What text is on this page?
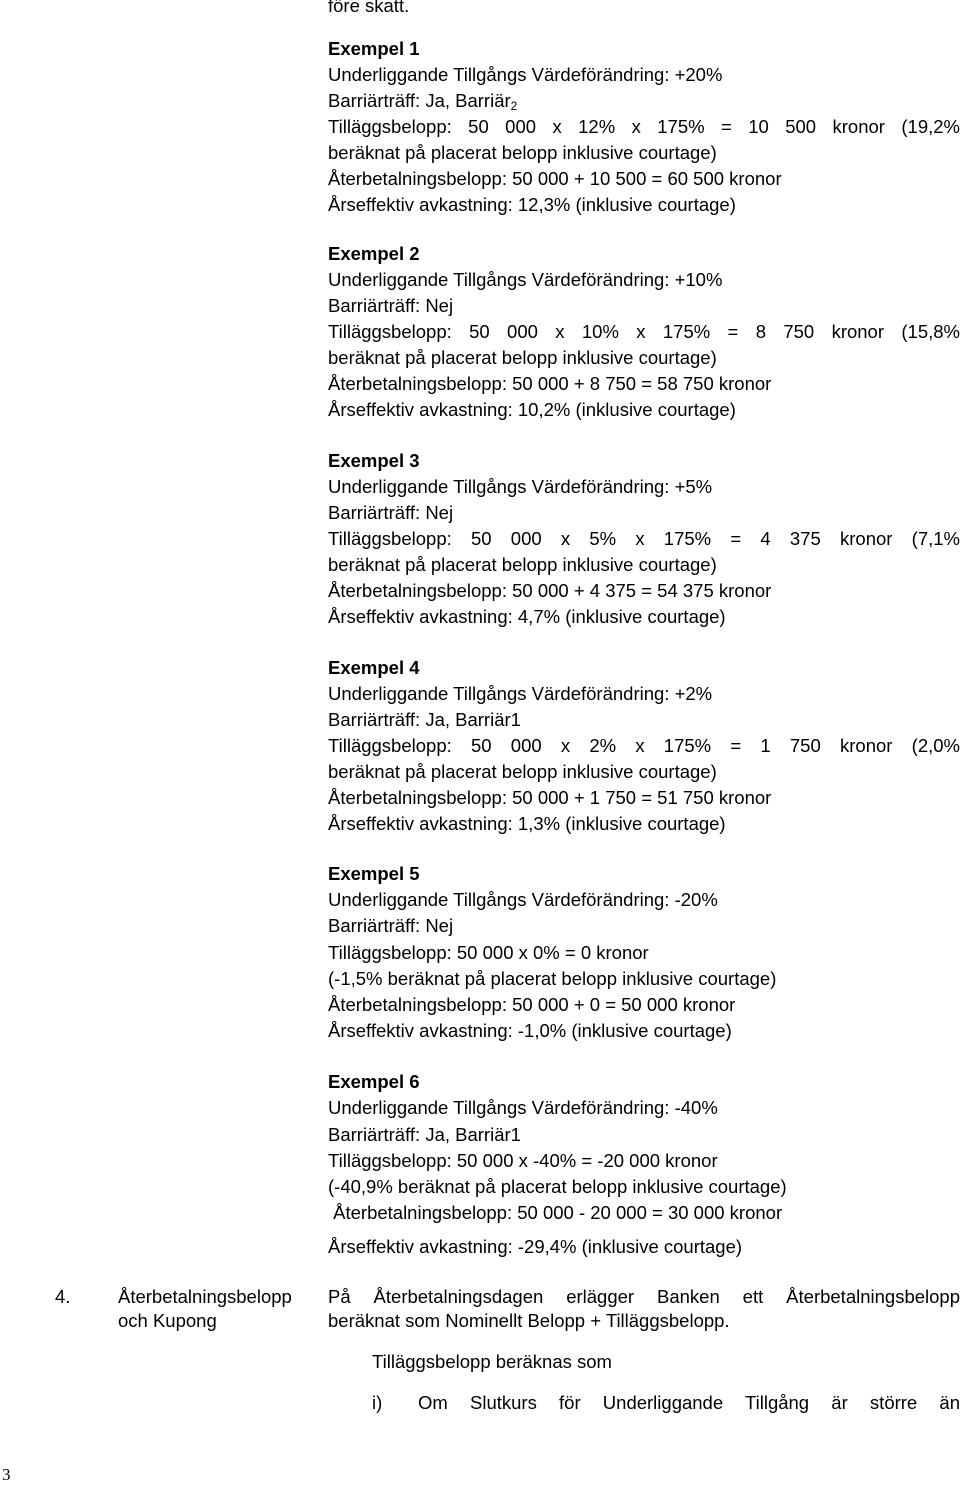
före skatt.
Exempel 1
Underliggande Tillgångs Värdeförändring: +20%
Barriärträff: Ja, Barriär$_2$
Tilläggsbelopp: 50 000 x 12% x 175% = 10 500 kronor (19,2%
beräknat på placerat belopp inklusive courtage)
Återbetalningsbelopp: 50 000 + 10 500 = 60 500 kronor
Årseffektiv avkastning: 12,3% (inklusive courtage)
Exempel 2
Underliggande Tillgångs Värdeförändring: +10%
Barriärträff: Nej
Tilläggsbelopp: 50 000 x 10% x 175% = 8 750 kronor (15,8%
beräknat på placerat belopp inklusive courtage)
Återbetalningsbelopp: 50 000 + 8 750 = 58 750 kronor
Årseffektiv avkastning: 10,2% (inklusive courtage)
Exempel 3
Underliggande Tillgångs Värdeförändring: +5%
Barriärträff: Nej
Tilläggsbelopp: 50 000 x 5% x 175% = 4 375 kronor (7,1%
beräknat på placerat belopp inklusive courtage)
Återbetalningsbelopp: 50 000 + 4 375 = 54 375 kronor
Årseffektiv avkastning: 4,7% (inklusive courtage)
Exempel 4
Underliggande Tillgångs Värdeförändring: +2%
Barriärträff: Ja, Barriär1
Tilläggsbelopp: 50 000 x 2% x 175% = 1 750 kronor (2,0%
beräknat på placerat belopp inklusive courtage)
Återbetalningsbelopp: 50 000 + 1 750 = 51 750 kronor
Årseffektiv avkastning: 1,3% (inklusive courtage)
Exempel 5
Underliggande Tillgångs Värdeförändring: -20%
Barriärträff: Nej
Tilläggsbelopp: 50 000 x 0% = 0 kronor
(-1,5% beräknat på placerat belopp inklusive courtage)
Återbetalningsbelopp: 50 000 + 0 = 50 000 kronor
Årseffektiv avkastning: -1,0% (inklusive courtage)
Exempel 6
Underliggande Tillgångs Värdeförändring: -40%
Barriärträff: Ja, Barriär1
Tilläggsbelopp: 50 000 x -40% = -20 000 kronor
(-40,9% beräknat på placerat belopp inklusive courtage)
Återbetalningsbelopp: 50 000 - 20 000 = 30 000 kronor
Årseffektiv avkastning: -29,4% (inklusive courtage)
4.	Återbetalningsbelopp
och Kupong
På Återbetalningsdagen erlägger Banken ett Återbetalningsbelopp
beräknat som Nominellt Belopp + Tilläggsbelopp.
Tilläggsbelopp beräknas som
i) Om Slutkurs för Underliggande Tillgång är större än
3
